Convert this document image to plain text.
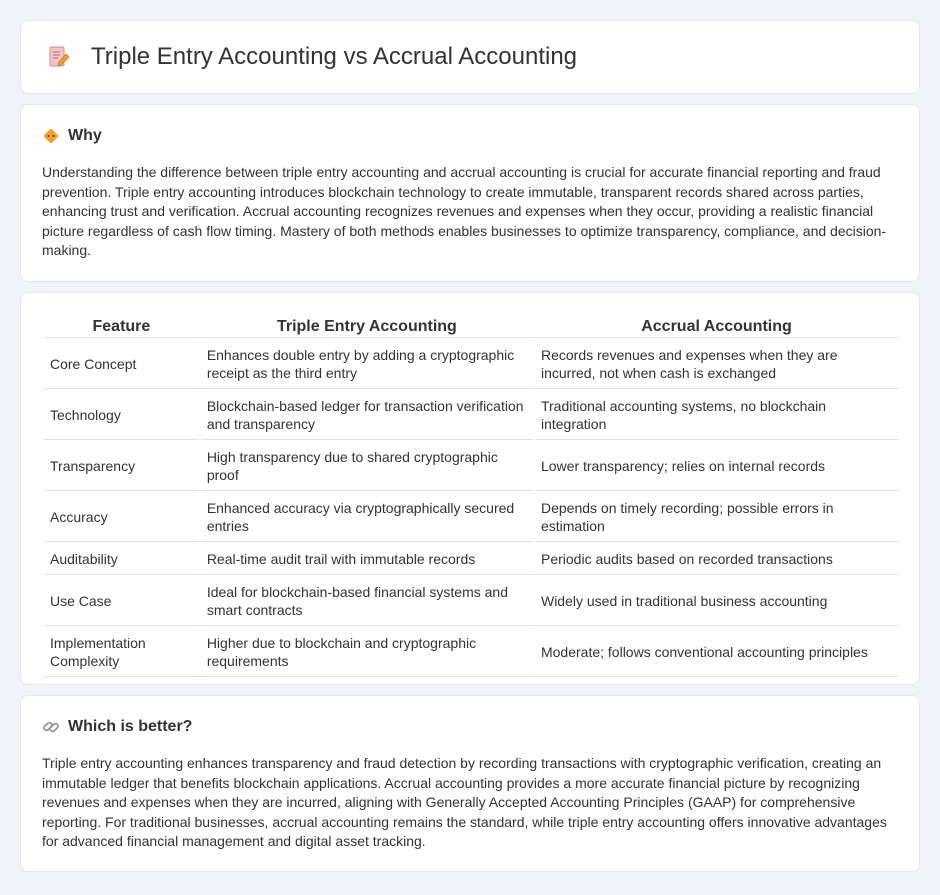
Triple Entry Accounting vs Accrual Accounting
Why

Understanding the difference between triple entry accounting and accrual accounting is crucial for accurate financial reporting and fraud prevention. Triple entry accounting introduces blockchain technology to create immutable, transparent records shared across parties, enhancing trust and verification. Accrual accounting recognizes revenues and expenses when they occur, providing a realistic financial picture regardless of cash flow timing. Mastery of both methods enables businesses to optimize transparency, compliance, and decision-making.

Feature	Triple Entry Accounting	Accrual Accounting
Core Concept	Enhances double entry by adding a cryptographic receipt as the third entry	Records revenues and expenses when they are incurred, not when cash is exchanged
Technology	Blockchain-based ledger for transaction verification and transparency	Traditional accounting systems, no blockchain integration
Transparency	High transparency due to shared cryptographic proof	Lower transparency; relies on internal records
Accuracy	Enhanced accuracy via cryptographically secured entries	Depends on timely recording; possible errors in estimation
Auditability	Real-time audit trail with immutable records	Periodic audits based on recorded transactions
Use Case	Ideal for blockchain-based financial systems and smart contracts	Widely used in traditional business accounting
Implementation Complexity	Higher due to blockchain and cryptographic requirements	Moderate; follows conventional accounting principles
Which is better?

Triple entry accounting enhances transparency and fraud detection by recording transactions with cryptographic verification, creating an immutable ledger that benefits blockchain applications. Accrual accounting provides a more accurate financial picture by recognizing revenues and expenses when they are incurred, aligning with Generally Accepted Accounting Principles (GAAP) for comprehensive reporting. For traditional businesses, accrual accounting remains the standard, while triple entry accounting offers innovative advantages for advanced financial management and digital asset tracking.
